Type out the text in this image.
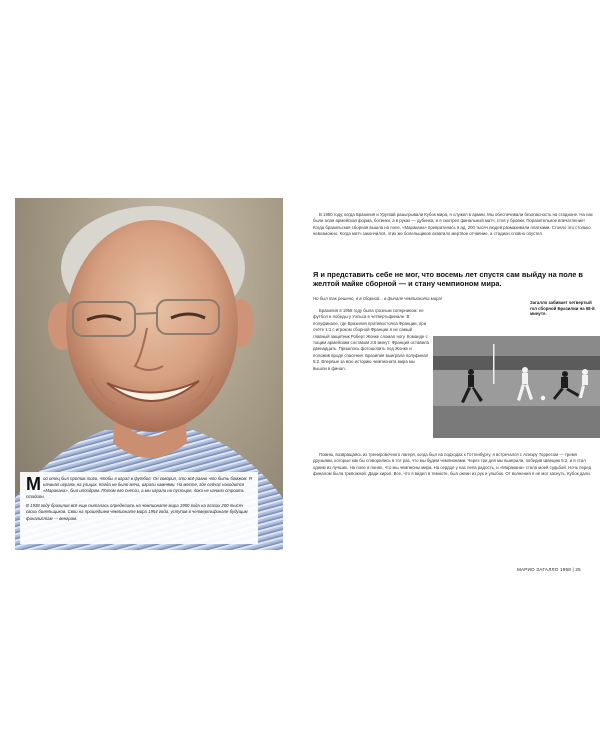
М ой отец был против того, чтобы я играл в футбол. Он говорил, это всё равно что быть бомжом. Я начинал играть на улицах. Когда не было мяча, играли камнями. На месте, где сейчас находится «Маракана», был ипподром. Потом его снесли, а мы играли на пустыре, пока не начали строить стадион.

В 1938 году бразилия всё еще пыталась определить на чемпионате мира 1950 года на глазах 200 тысяч своих болельщиков. Свои на прошедшем чемпионате мира 1954 года, уступив в четвертьфинале будущим финалистам — венграм.

В 1950 году, когда Бразилия и Уругвай разыгрывали Кубок мира, я служил в армии. Мы обеспечивали безопасность на стадионе. На нас были алая армейская форма, ботинки, а в руках — дубинка, и я смотрел финальный матч, стоя у бровки. Поразительное впечатление! Когда бразильская сборная вышла на поле, «Маракана» превратилась в ад, 200 тысяч людей размахивали платками. Стояло это столько невозможно. Когда матч закончился, этих же болельщиков охватило мертвое отчаяние, а стадион словно опустел.

Я и представить себе не мог, что восемь лет спустя сам выйду на поле в желтой майке сборной — и стану чемпионом мира.
Но был так решено, я в сборной... в финале чемпионата мира!

Бразилия в 1958 году была грозным соперником: ее футбол и победы у Уэльса в четвертьфинале. В полуфинале, где Бразилия противостояла Франции, при счёте 1:1 с игроком сборной Франции я не самый главный защитник Роберт Жонке сломал ногу. Команде с тощим армейским составом 3:5 минут: Франция оставила двенадцать. Пришлось фотошопить под Жонке и положив вроде спасения. Бразилия выиграла полуфинал 5:2. Впервые за всю историю чемпионата мира мы вышли в финал.

Загалло забивает четвертый гол сборной Бразилии на 68-й минуте.

Помню, возвращаясь из тренировочного лагеря, когда был на подходах к Готтенбургу, я встречался с Алиэру Торресом — тремя друзьями, которые как бы сговорились в тот раз, что мы будем чемпионами. Через три дня мы выиграли, победив Швецию 5:2, и я стал одним из лучших. На поле я понял, что мы чемпионы мира. На сердце у нас пела радость, и «Маракана» стала моей судьбой. Ночь перед финалом была тревожной. Дади хирел. Все, что я видел в темноте, был океан из рук и улыбок. От волнения я не мог заснуть. Кубок дали.

МАРИО ЗАГАЛЛО 1958 | 25
